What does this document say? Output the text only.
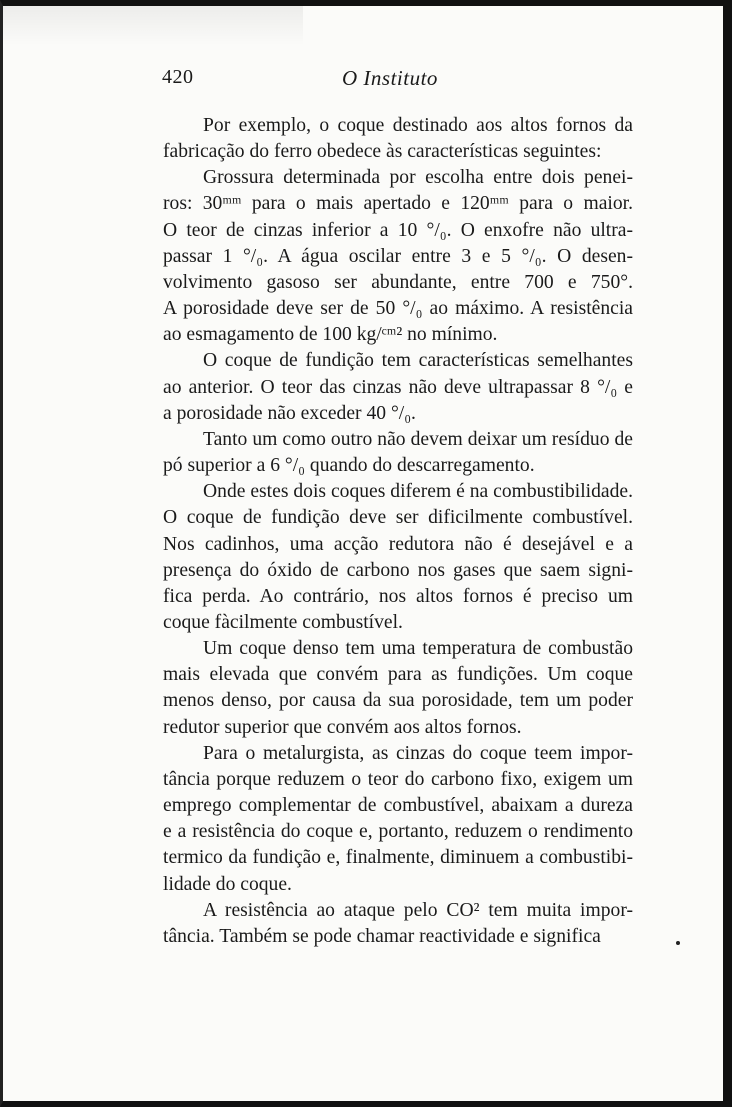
420	O Instituto

Por exemplo, o coque destinado aos altos fornos da
fabricação do ferro obedece às características seguintes:

Grossura determinada por escolha entre dois penei-
ros: 30ᵐᵐ para o mais apertado e 120ᵐᵐ para o maior.
O teor de cinzas inferior a 10 °/₀. O enxofre não ultra-
passar 1 °/₀. A água oscilar entre 3 e 5 °/₀. O desen-
volvimento gasoso ser abundante, entre 700 e 750°.
A porosidade deve ser de 50 °/₀ ao máximo. A resistência
ao esmagamento de 100 kg/ᶜᵐ² no mínimo.

O coque de fundição tem características semelhantes
ao anterior. O teor das cinzas não deve ultrapassar 8 °/₀ e
a porosidade não exceder 40 °/₀.

Tanto um como outro não devem deixar um resíduo de
pó superior a 6 °/₀ quando do descarregamento.

Onde estes dois coques diferem é na combustibilidade.
O coque de fundição deve ser dificilmente combustível.
Nos cadinhos, uma acção redutora não é desejável e a
presença do óxido de carbono nos gases que saem signi-
fica perda. Ao contrário, nos altos fornos é preciso um
coque fàcilmente combustível.

Um coque denso tem uma temperatura de combustão
mais elevada que convém para as fundições. Um coque
menos denso, por causa da sua porosidade, tem um poder
redutor superior que convém aos altos fornos.

Para o metalurgista, as cinzas do coque teem impor-
tância porque reduzem o teor do carbono fixo, exigem um
emprego complementar de combustível, abaixam a dureza
e a resistência do coque e, portanto, reduzem o rendimento
termico da fundição e, finalmente, diminuem a combustibi-
lidade do coque.

A resistência ao ataque pelo CO² tem muita impor-
tância. Também se pode chamar reactividade e significa
